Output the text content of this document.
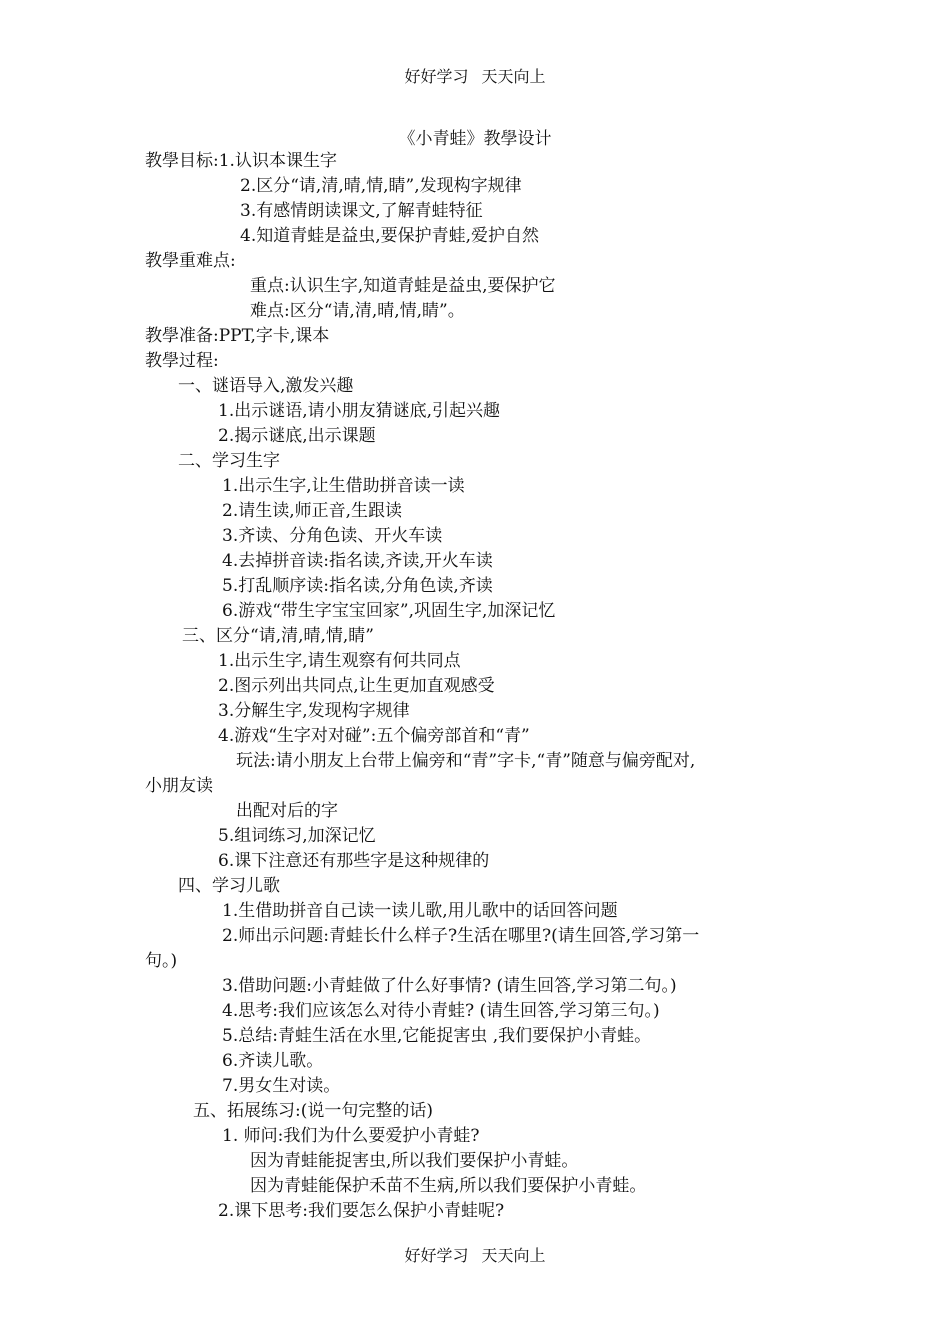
好好学习 天天向上
《小青蛙》教學设计
教學目标:1.认识本课生字
2.区分“请,清,晴,情,睛”,发现构字规律
3.有感情朗读课文,了解青蛙特征
4.知道青蛙是益虫,要保护青蛙,爱护自然
教學重难点:
重点:认识生字,知道青蛙是益虫,要保护它
难点:区分“请,清,晴,情,睛”。
教學准备:PPT,字卡,课本
教學过程:
一、谜语导入,激发兴趣
1.出示谜语,请小朋友猜谜底,引起兴趣
2.揭示谜底,出示课题
二、学习生字
1.出示生字,让生借助拼音读一读
2.请生读,师正音,生跟读
3.齐读、分角色读、开火车读
4.去掉拼音读:指名读,齐读,开火车读
5.打乱顺序读:指名读,分角色读,齐读
6.游戏“带生字宝宝回家”,巩固生字,加深记忆
三、区分“请,清,晴,情,睛”
1.出示生字,请生观察有何共同点
2.图示列出共同点,让生更加直观感受
3.分解生字,发现构字规律
4.游戏“生字对对碰”:五个偏旁部首和“青”
玩法:请小朋友上台带上偏旁和“青”字卡,“青”随意与偏旁配对,
小朋友读
出配对后的字
5.组词练习,加深记忆
6.课下注意还有那些字是这种规律的
四、学习儿歌
1.生借助拼音自己读一读儿歌,用儿歌中的话回答问题
2.师出示问题:青蛙长什么样子?生活在哪里?(请生回答,学习第一
句。)
3.借助问题:小青蛙做了什么好事情? (请生回答,学习第二句。)
4.思考:我们应该怎么对待小青蛙? (请生回答,学习第三句。)
5.总结:青蛙生活在水里,它能捉害虫 ,我们要保护小青蛙。
6.齐读儿歌。
7.男女生对读。
五、拓展练习:(说一句完整的话)
1. 师问:我们为什么要爱护小青蛙?
因为青蛙能捉害虫,所以我们要保护小青蛙。
因为青蛙能保护禾苗不生病,所以我们要保护小青蛙。
2.课下思考:我们要怎么保护小青蛙呢?
好好学习 天天向上
